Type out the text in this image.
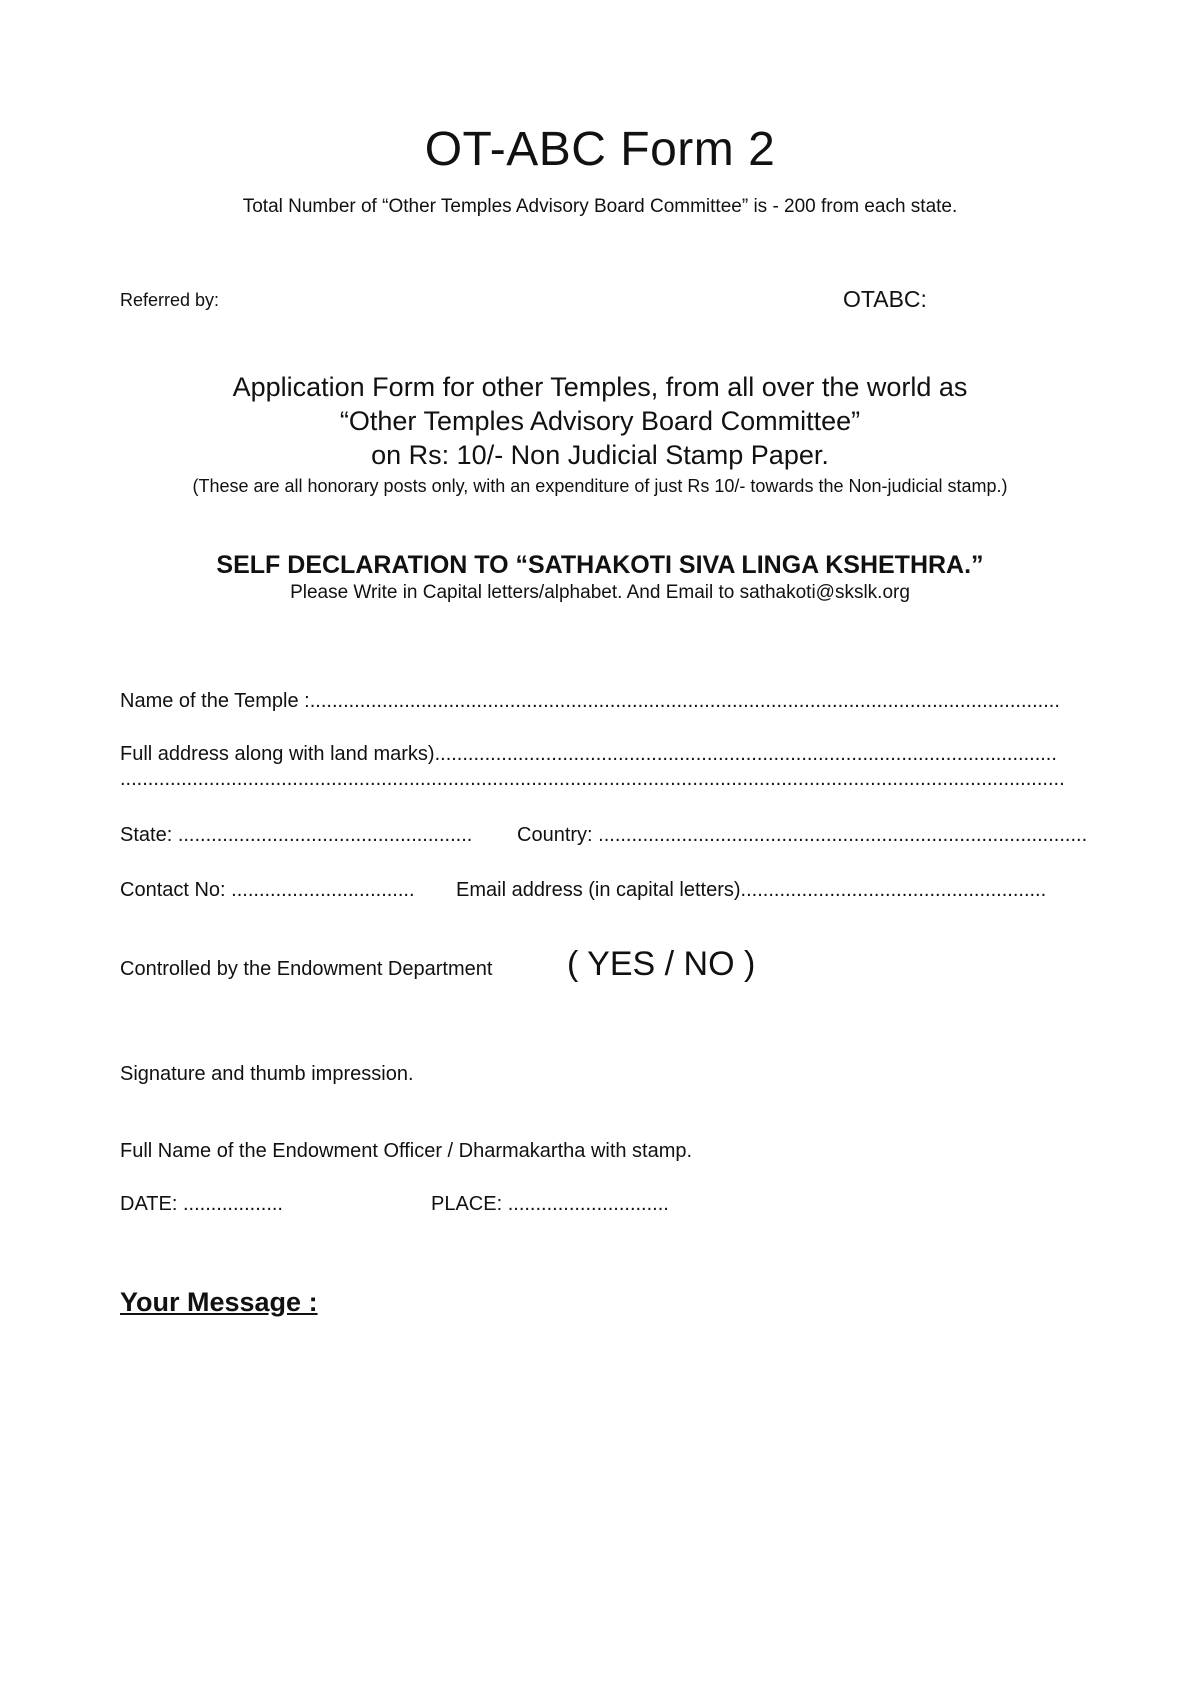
OT-ABC Form 2
Total Number of “Other Temples Advisory Board Committee” is - 200 from each state.
Referred by:	OTABC:
Application Form for other Temples, from all over the world as
“Other Temples Advisory Board Committee”
on Rs: 10/- Non Judicial Stamp Paper.
(These are all honorary posts only, with an expenditure of just Rs 10/- towards the Non-judicial stamp.)
SELF DECLARATION TO “SATHAKOTI SIVA LINGA KSHETHRA.”
Please Write in Capital letters/alphabet. And Email to sathakoti@skslk.org
Name of the Temple :.......................................................................................................................................
Full address along with land marks)................................................................................................................
..........................................................................................................................................................................
State: ..................................................... Country: ........................................................................................
Contact No: ................................. Email address (in capital letters).......................................................
Controlled by the Endowment Department ( YES / NO )
Signature and thumb impression.
Full Name of the Endowment Officer / Dharmakartha with stamp.
DATE: ..................	PLACE: .............................
Your Message :
